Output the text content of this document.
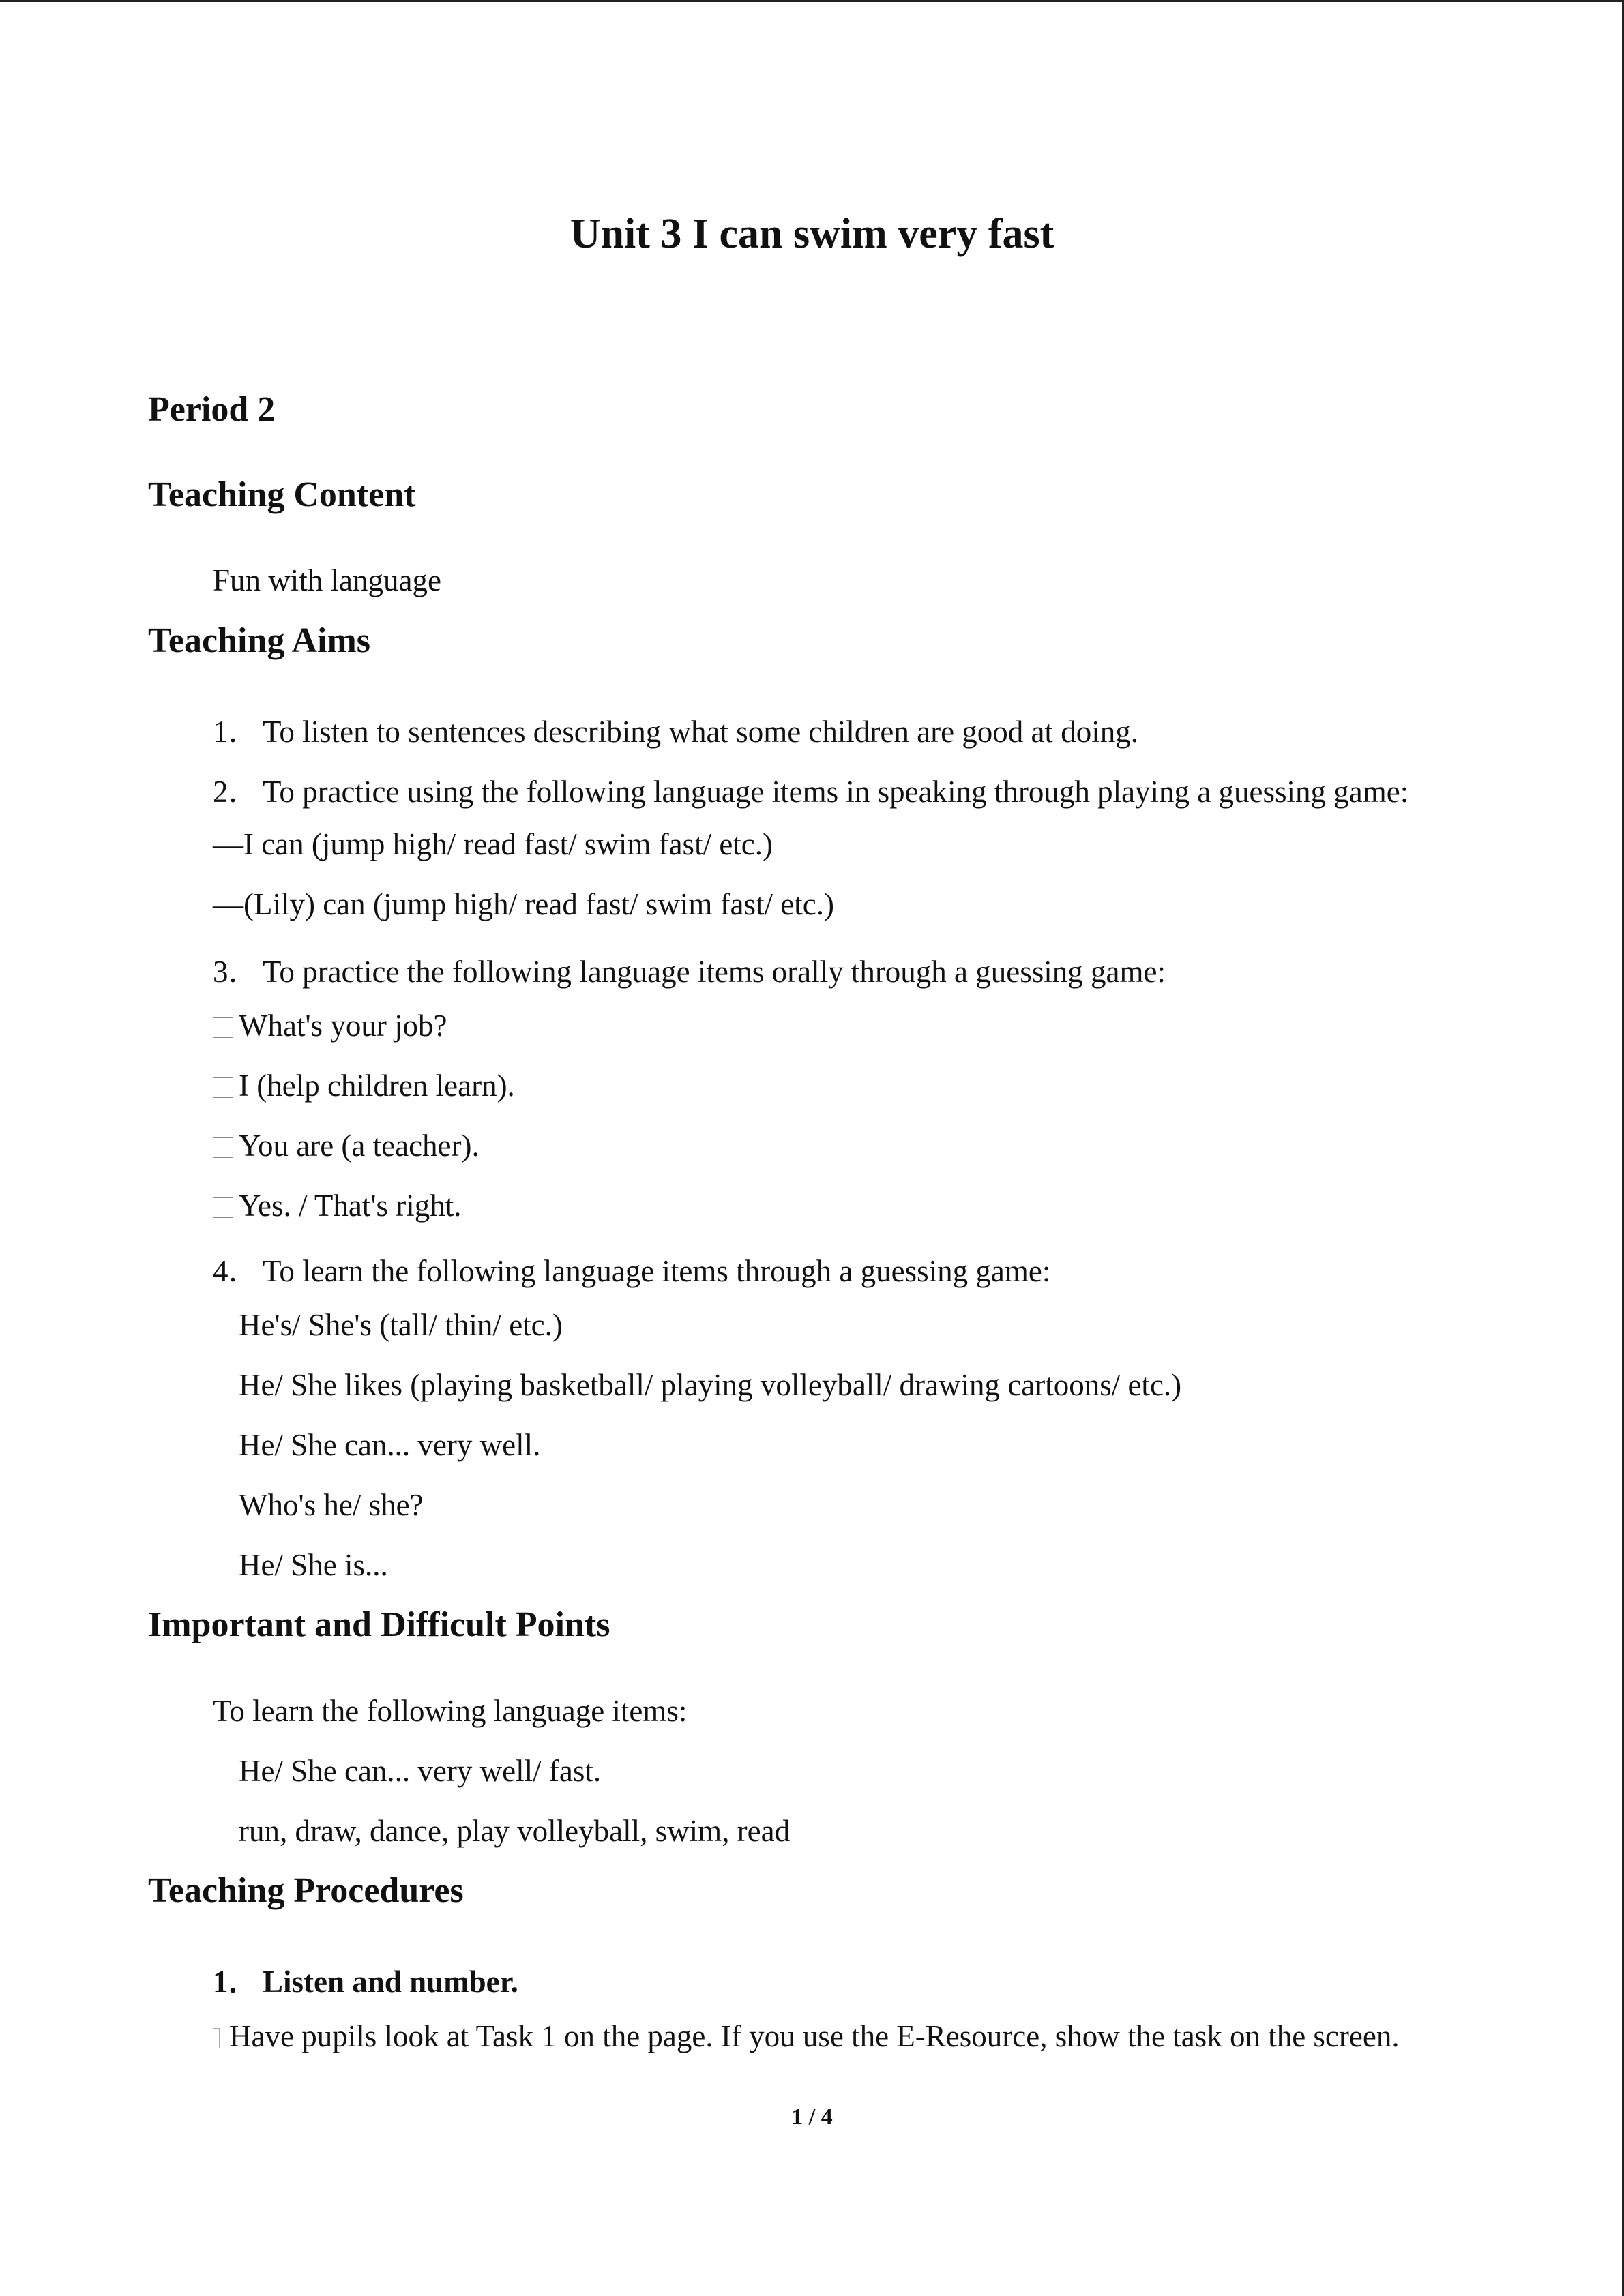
Unit 3 I can swim very fast
Period 2
Teaching Content
Fun with language
Teaching Aims
1． To listen to sentences describing what some children are good at doing.
2． To practice using the following language items in speaking through playing a guessing game:
—I can (jump high/ read fast/ swim fast/ etc.)
—(Lily) can (jump high/ read fast/ swim fast/ etc.)
3． To practice the following language items orally through a guessing game:
What's your job?
I (help children learn).
You are (a teacher).
Yes. / That's right.
4． To learn the following language items through a guessing game:
He's/ She's (tall/ thin/ etc.)
He/ She likes (playing basketball/ playing volleyball/ drawing cartoons/ etc.)
He/ She can... very well.
Who's he/ she?
He/ She is...
Important and Difficult Points
To learn the following language items:
He/ She can... very well/ fast.
run, draw, dance, play volleyball, swim, read
Teaching Procedures
1． Listen and number.
Have pupils look at Task 1 on the page. If you use the E-Resource, show the task on the screen.
1 / 4
